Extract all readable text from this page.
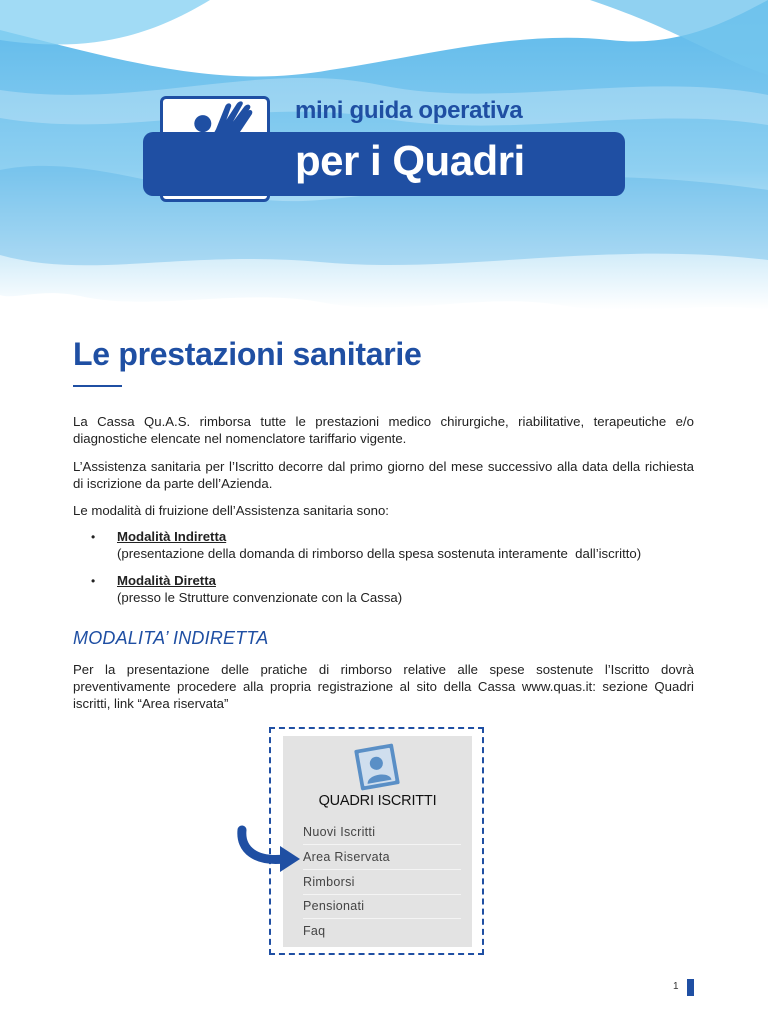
mini guida operativa
per i Quadri
Le prestazioni sanitarie

La Cassa Qu.A.S. rimborsa tutte le prestazioni medico chirurgiche, riabilitative, terapeutiche e/o diagnostiche elencate nel nomenclatore tariffario vigente.

L’Assistenza sanitaria per l’Iscritto decorre dal primo giorno del mese successivo alla data della richiesta di iscrizione da parte dell’Azienda.

Le modalità di fruizione dell’Assistenza sanitaria sono:

• Modalità Indiretta
(presentazione della domanda di rimborso della spesa sostenuta interamente  dall’iscritto)
• Modalità Diretta
(presso le Strutture convenzionate con la Cassa)
MODALITA’ INDIRETTA

Per la presentazione delle pratiche di rimborso relative alle spese sostenute l’Iscritto dovrà preventivamente procedere alla propria registrazione al sito della Cassa www.quas.it: sezione Quadri iscritti, link “Area riservata”

QUADRI ISCRITTI
Nuovi Iscritti
Area Riservata
Rimborsi
Pensionati
Faq
1
